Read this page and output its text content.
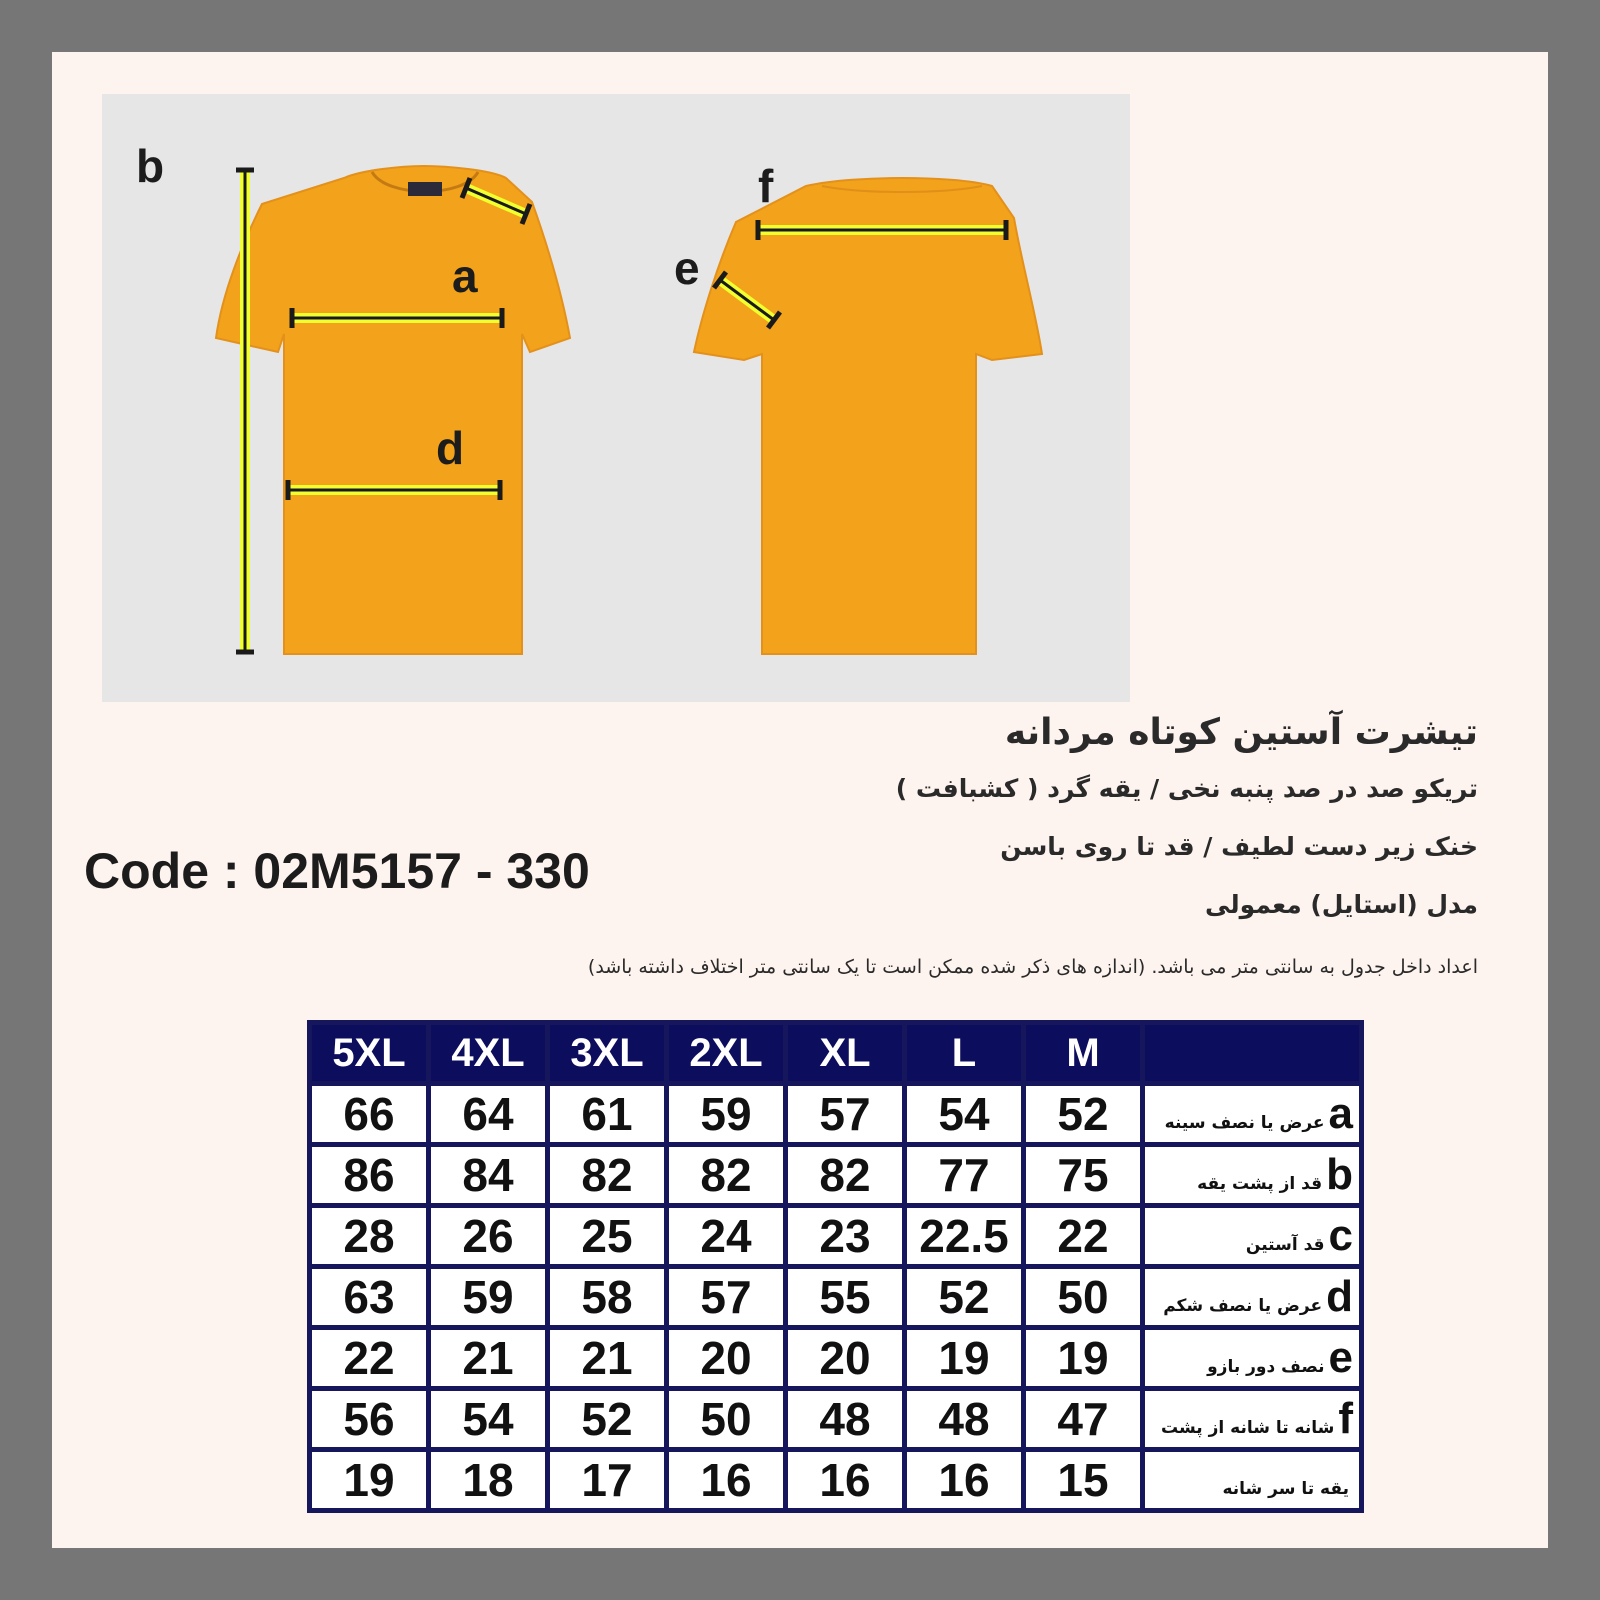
b
a
d
f
e
تیشرت آستین کوتاه مردانه
تریکو صد در صد پنبه نخی / یقه گرد ( کشبافت )
خنک زیر دست لطیف / قد تا روی باسن
مدل (استایل) معمولی
Code : 02M5157 - 330
اعداد داخل جدول به سانتی متر می باشد. (اندازه های ذکر شده ممکن است تا یک سانتی متر اختلاف داشته باشد)
5XL	4XL	3XL	2XL	XL	L	M	
66	64	61	59	57	54	52	عرض یا نصف سینهa
86	84	82	82	82	77	75	قد از پشت یقهb
28	26	25	24	23	22.5	22	قد آستینc
63	59	58	57	55	52	50	عرض یا نصف شکمd
22	21	21	20	20	19	19	نصف دور بازوe
56	54	52	50	48	48	47	شانه تا شانه از پشتf
19	18	17	16	16	16	15	یقه تا سر شانه
